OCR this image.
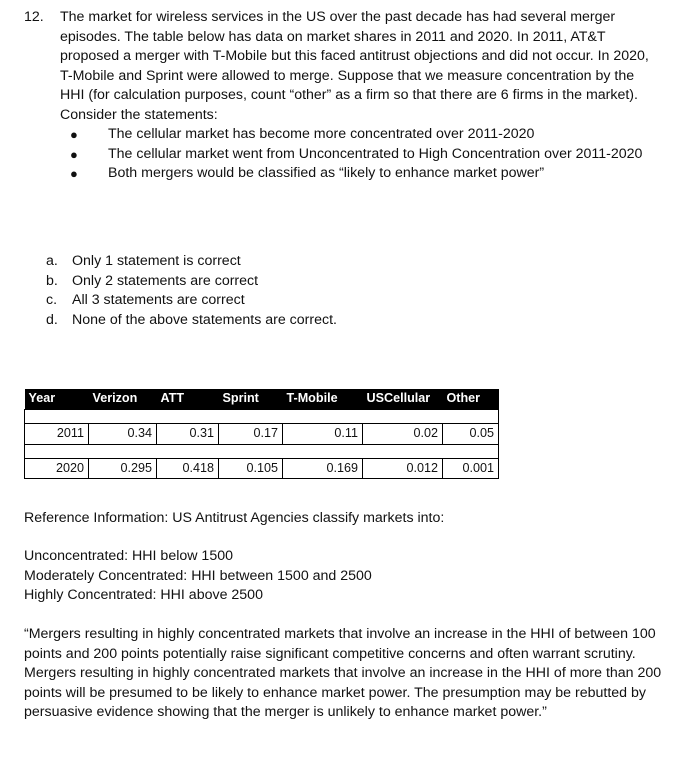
12. The market for wireless services in the US over the past decade has had several merger episodes. The table below has data on market shares in 2011 and 2020. In 2011, AT&T proposed a merger with T-Mobile but this faced antitrust objections and did not occur. In 2020, T-Mobile and Sprint were allowed to merge. Suppose that we measure concentration by the HHI (for calculation purposes, count “other” as a firm so that there are 6 firms in the market). Consider the statements:
● The cellular market has become more concentrated over 2011-2020
● The cellular market went from Unconcentrated to High Concentration over 2011-2020
● Both mergers would be classified as “likely to enhance market power”
a. Only 1 statement is correct
b. Only 2 statements are correct
c. All 3 statements are correct
d. None of the above statements are correct.
Year	Verizon	ATT	Sprint	T-Mobile	USCellular	Other

2011	0.34	0.31	0.17	0.11	0.02	0.05

2020	0.295	0.418	0.105	0.169	0.012	0.001
Reference Information: US Antitrust Agencies classify markets into:
Unconcentrated: HHI below 1500
Moderately Concentrated: HHI between 1500 and 2500
Highly Concentrated: HHI above 2500
“Mergers resulting in highly concentrated markets that involve an increase in the HHI of between 100 points and 200 points potentially raise significant competitive concerns and often warrant scrutiny. Mergers resulting in highly concentrated markets that involve an increase in the HHI of more than 200 points will be presumed to be likely to enhance market power. The presumption may be rebutted by persuasive evidence showing that the merger is unlikely to enhance market power.”
